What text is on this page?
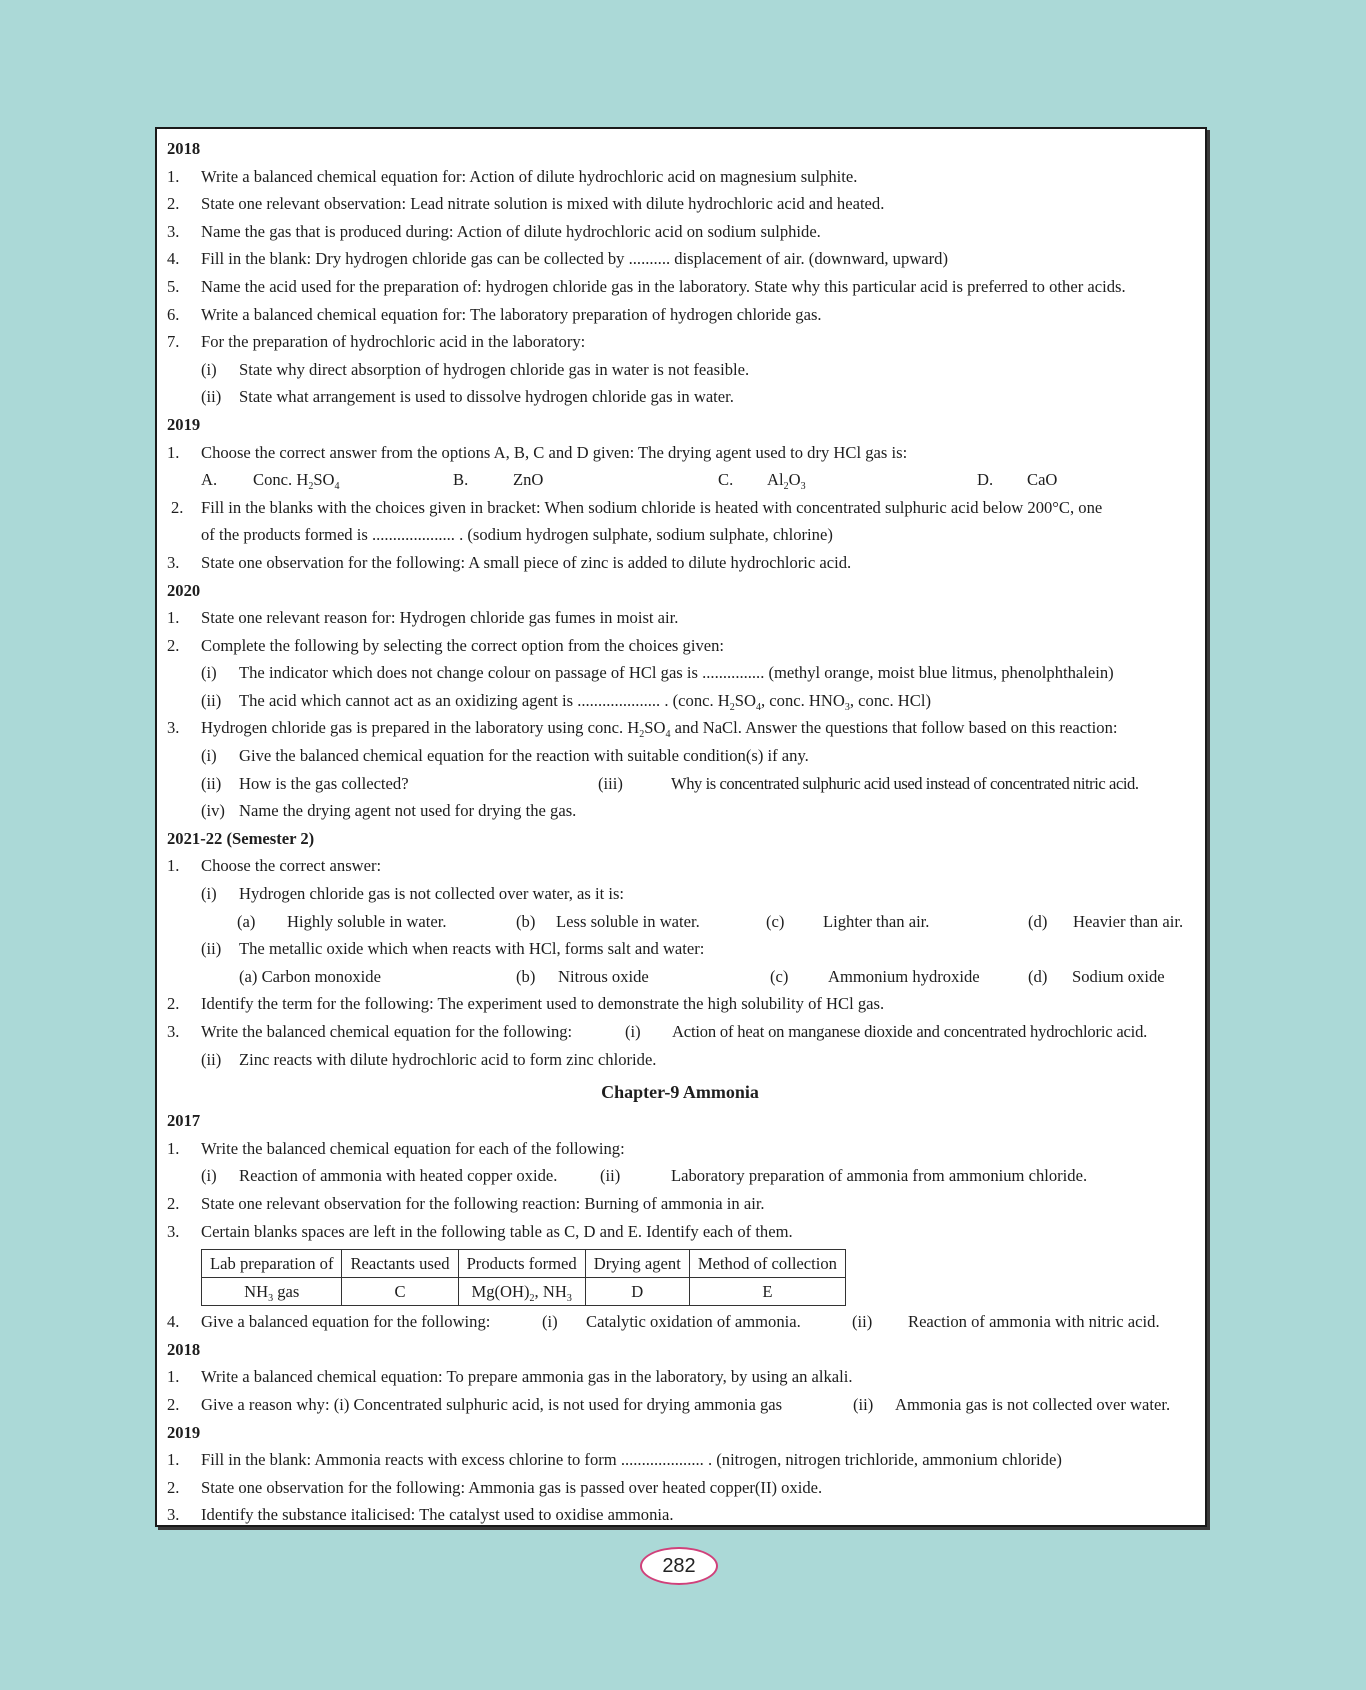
2018
1. Write a balanced chemical equation for: Action of dilute hydrochloric acid on magnesium sulphite.
2. State one relevant observation: Lead nitrate solution is mixed with dilute hydrochloric acid and heated.
3. Name the gas that is produced during: Action of dilute hydrochloric acid on sodium sulphide.
4. Fill in the blank: Dry hydrogen chloride gas can be collected by .......... displacement of air. (downward, upward)
5. Name the acid used for the preparation of: hydrogen chloride gas in the laboratory. State why this particular acid is preferred to other acids.
6. Write a balanced chemical equation for: The laboratory preparation of hydrogen chloride gas.
7. For the preparation of hydrochloric acid in the laboratory:
(i) State why direct absorption of hydrogen chloride gas in water is not feasible.
(ii) State what arrangement is used to dissolve hydrogen chloride gas in water.
2019
1. Choose the correct answer from the options A, B, C and D given: The drying agent used to dry HCl gas is:
A. Conc. $H_2SO_4$	B.	ZnO	C. $Al_2O_3$	D. CaO
2. Fill in the blanks with the choices given in bracket: When sodium chloride is heated with concentrated sulphuric acid below 200°C, one
of the products formed is .................... . (sodium hydrogen sulphate, sodium sulphate, chlorine)
3. State one observation for the following: A small piece of zinc is added to dilute hydrochloric acid.
2020
1. State one relevant reason for: Hydrogen chloride gas fumes in moist air.
2. Complete the following by selecting the correct option from the choices given:
(i) The indicator which does not change colour on passage of HCl gas is ............... (methyl orange, moist blue litmus, phenolphthalein)
(ii) The acid which cannot act as an oxidizing agent is .................... . (conc. $H_2SO_4$, conc. $HNO_3$, conc. HCl)
3. Hydrogen chloride gas is prepared in the laboratory using conc. $H_2SO_4$ and NaCl. Answer the questions that follow based on this reaction:
(i) Give the balanced chemical equation for the reaction with suitable condition(s) if any.
(ii) How is the gas collected?	(iii)	Why is concentrated sulphuric acid used instead of concentrated nitric acid.
(iv) Name the drying agent not used for drying the gas.
2021-22 (Semester 2)
1. Choose the correct answer:
(i) Hydrogen chloride gas is not collected over water, as it is:
(a) Highly soluble in water.	(b) Less soluble in water.	(c) Lighter than air.	(d) Heavier than air.
(ii) The metallic oxide which when reacts with HCl, forms salt and water:
(a) Carbon monoxide	(b) Nitrous oxide	(c) Ammonium hydroxide	(d) Sodium oxide
2. Identify the term for the following: The experiment used to demonstrate the high solubility of HCl gas.
3. Write the balanced chemical equation for the following:	(i) Action of heat on manganese dioxide and concentrated hydrochloric acid.
(ii) Zinc reacts with dilute hydrochloric acid to form zinc chloride.
Chapter-9 Ammonia
2017
1. Write the balanced chemical equation for each of the following:
(i) Reaction of ammonia with heated copper oxide.	(ii)	Laboratory preparation of ammonia from ammonium chloride.
2. State one relevant observation for the following reaction: Burning of ammonia in air.
3. Certain blanks spaces are left in the following table as C, D and E. Identify each of them.
Lab preparation of	Reactants used	Products formed	Drying agent	Method of collection
$NH_3$ gas	C	$Mg(OH)_2$, $NH_3$	D	E
4. Give a balanced equation for the following:	(i) Catalytic oxidation of ammonia.	(ii) Reaction of ammonia with nitric acid.
2018
1. Write a balanced chemical equation: To prepare ammonia gas in the laboratory, by using an alkali.
2. Give a reason why: (i) Concentrated sulphuric acid, is not used for drying ammonia gas	(ii) Ammonia gas is not collected over water.
2019
1. Fill in the blank: Ammonia reacts with excess chlorine to form .................... . (nitrogen, nitrogen trichloride, ammonium chloride)
2. State one observation for the following: Ammonia gas is passed over heated copper(II) oxide.
3. Identify the substance italicised: The catalyst used to oxidise ammonia.
282
